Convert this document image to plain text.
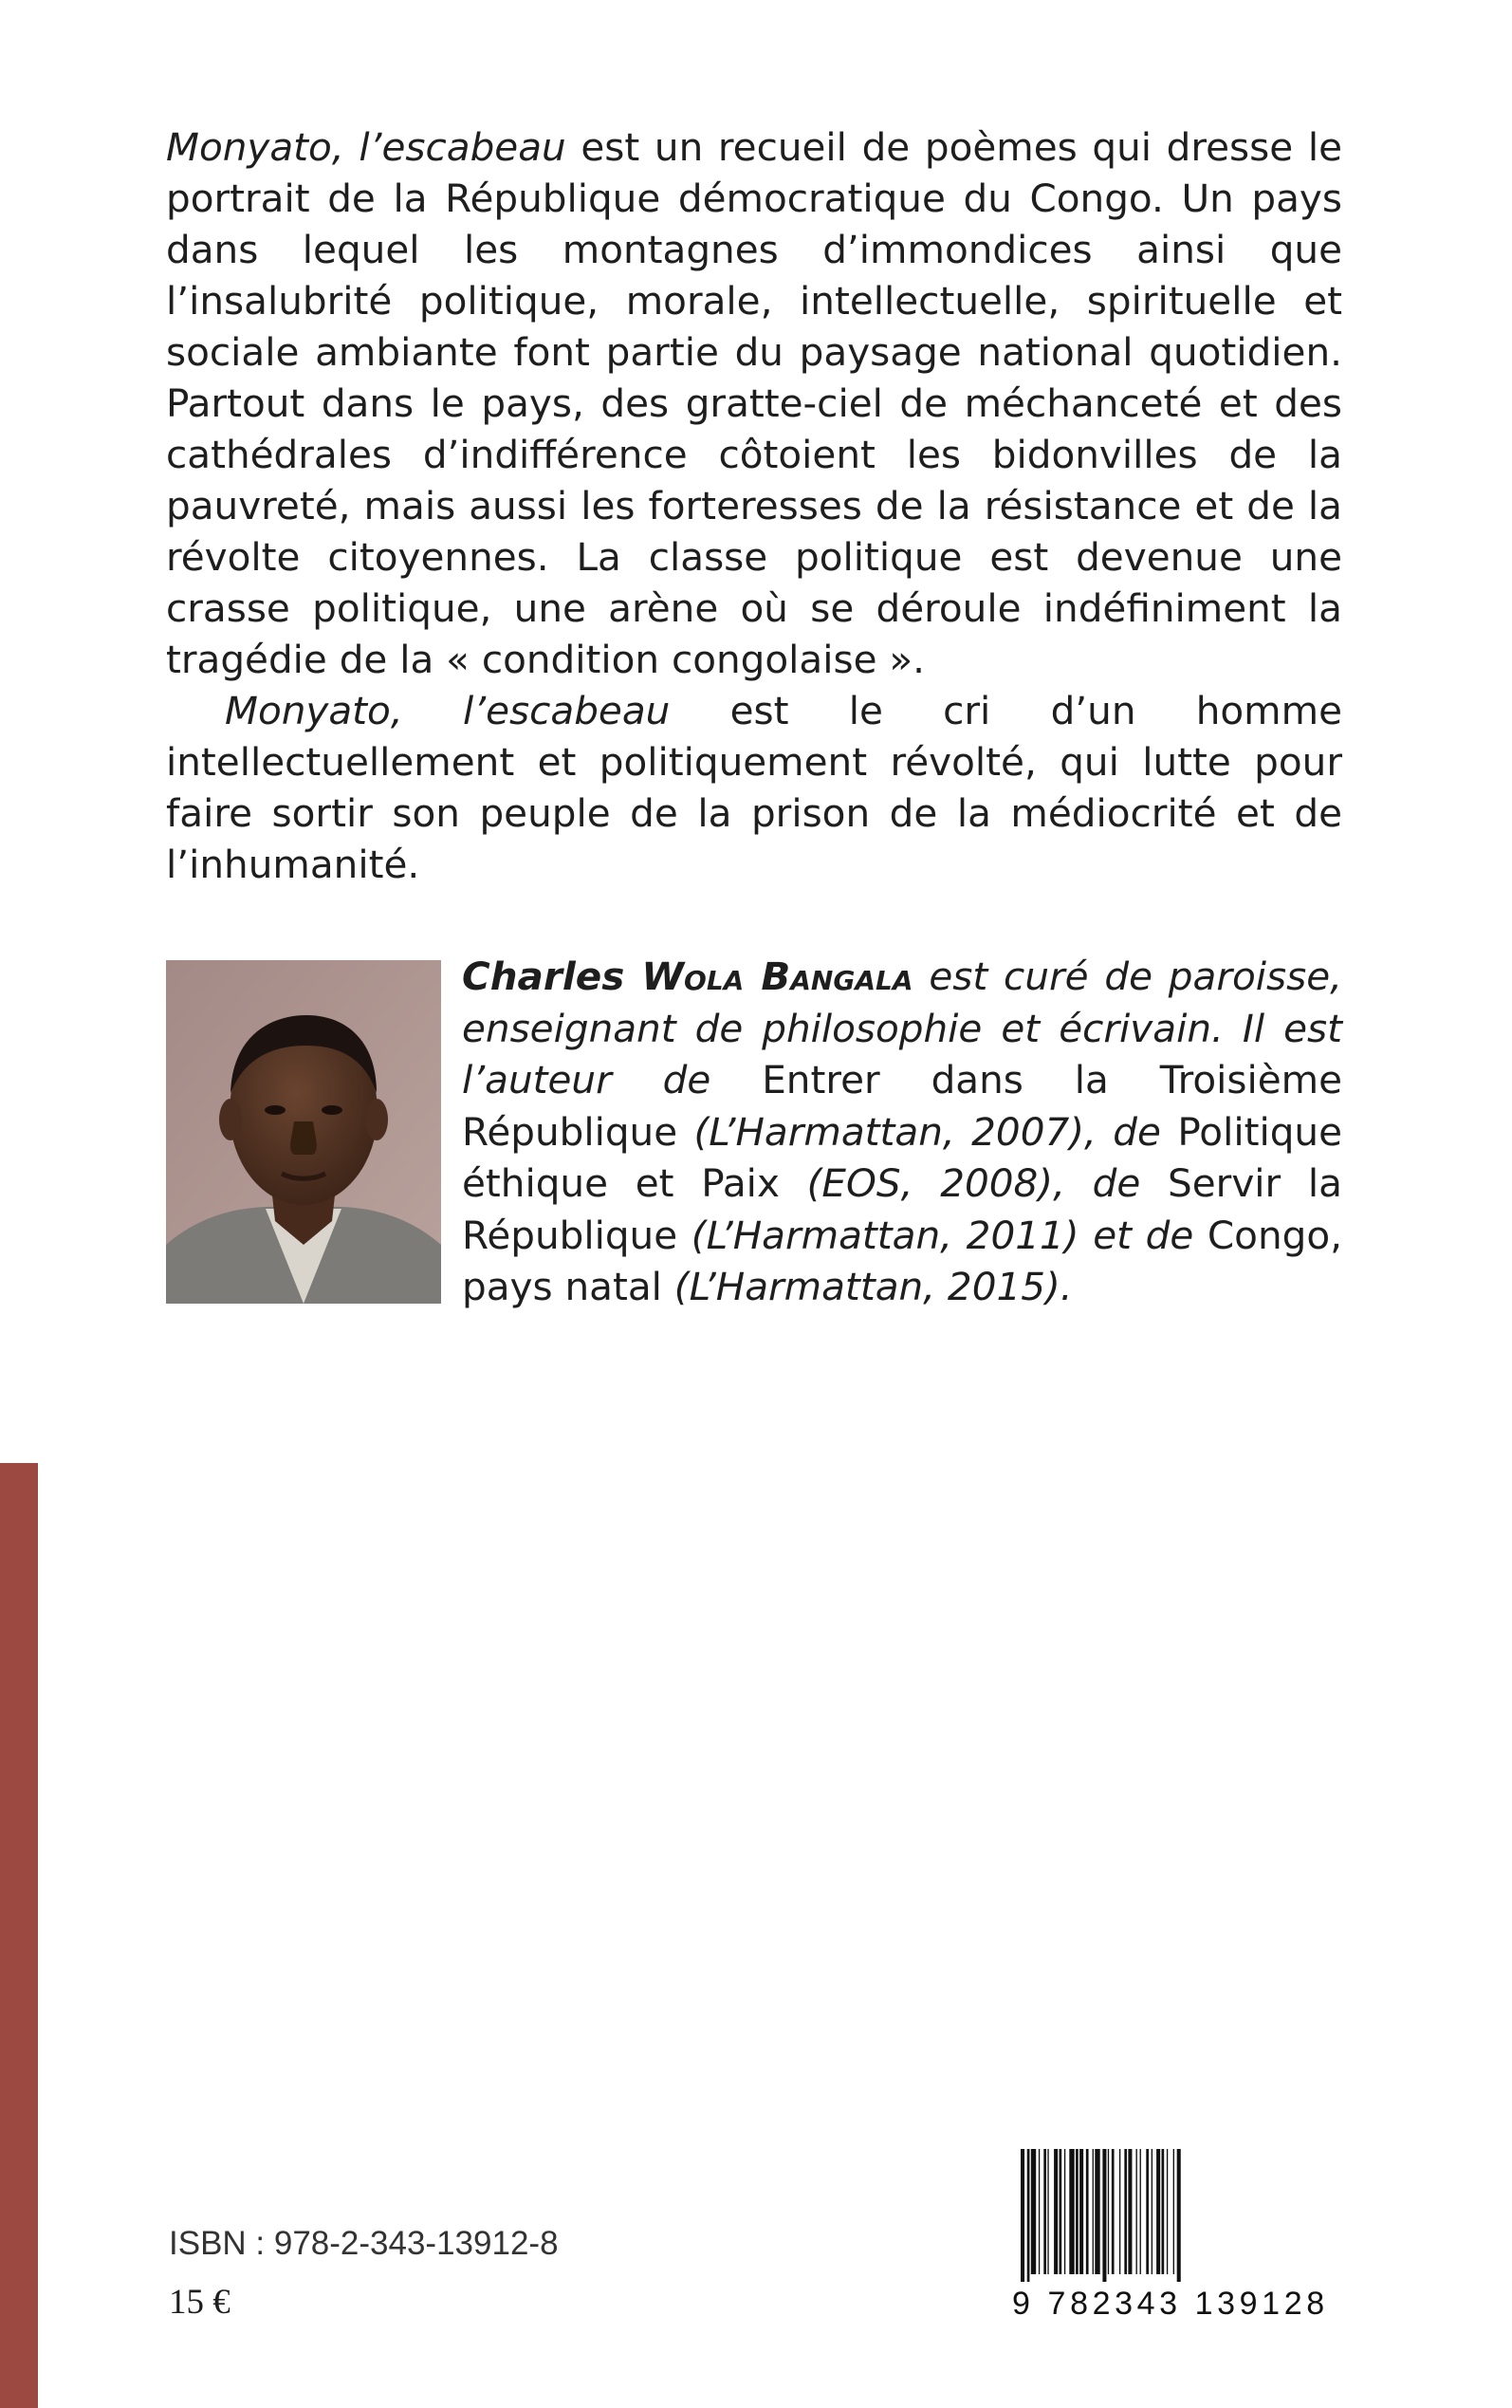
Monyato, l’escabeau est un recueil de poèmes qui dresse le portrait de la République démocratique du Congo. Un pays dans lequel les montagnes d’immondices ainsi que l’insalubrité politique, morale, intellectuelle, spirituelle et sociale ambiante font partie du paysage national quotidien. Partout dans le pays, des gratte-ciel de méchanceté et des cathédrales d’indifférence côtoient les bidonvilles de la pauvreté, mais aussi les forteresses de la résistance et de la révolte citoyennes. La classe politique est devenue une crasse politique, une arène où se déroule indéfiniment la tragédie de la « condition congolaise ».

Monyato, l’escabeau est le cri d’un homme intellectuellement et politiquement révolté, qui lutte pour faire sortir son peuple de la prison de la médiocrité et de l’inhumanité.

Charles Wola Bangala est curé de paroisse, enseignant de philosophie et écrivain. Il est l’auteur de Entrer dans la Troisième République (L’Harmattan, 2007), de Politique éthique et Paix (EOS, 2008), de Servir la République (L’Harmattan, 2011) et de Congo, pays natal (L’Harmattan, 2015).
ISBN : 978-2-343-13912-8
15 €	9 782343 139128
